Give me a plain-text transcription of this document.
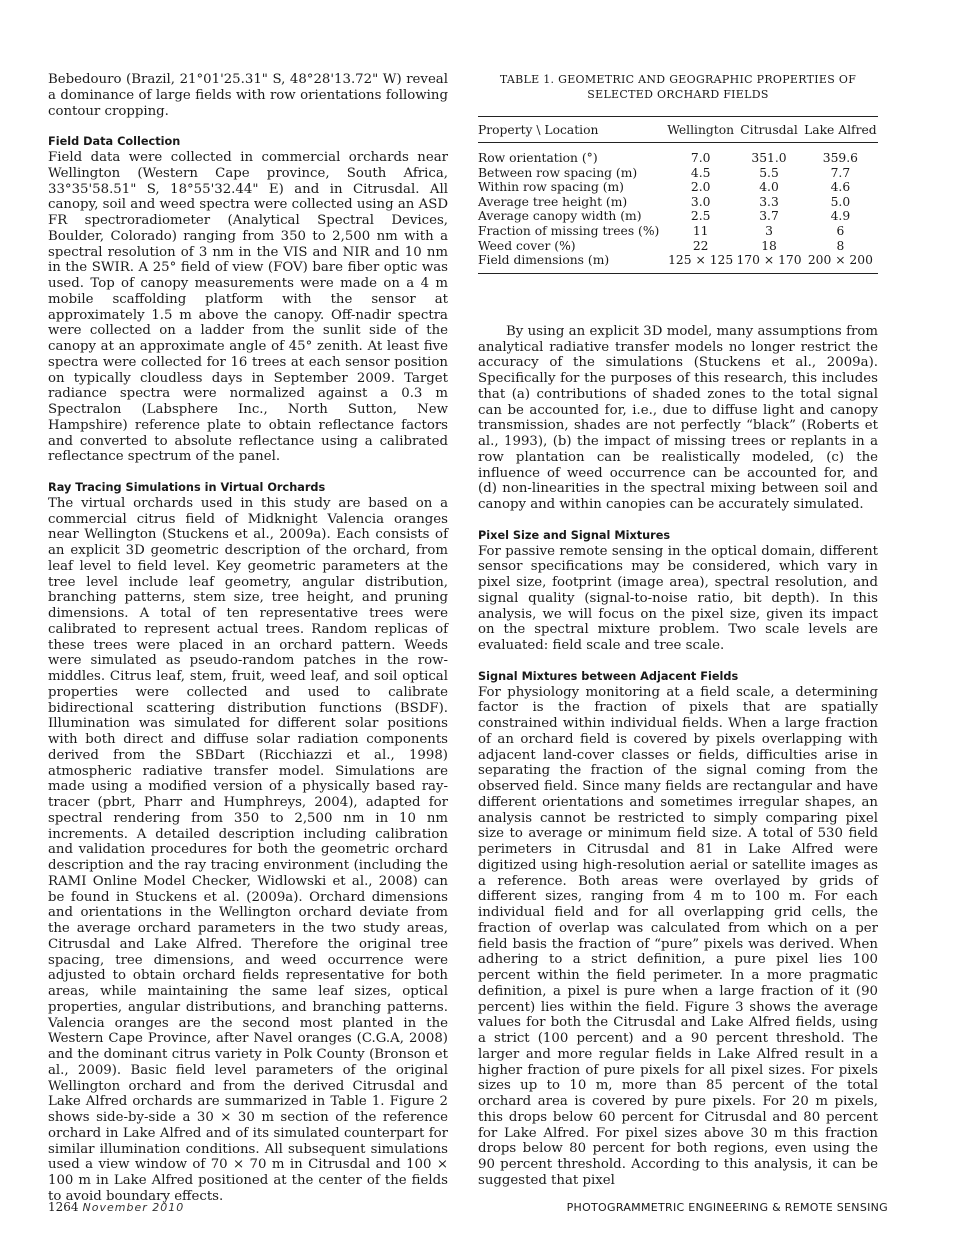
Bebedouro (Brazil, 21°01'25.31" S, 48°28'13.72" W) reveal a dominance of large fields with row orientations following contour cropping.

Field Data Collection

Field data were collected in commercial orchards near Wellington (Western Cape province, South Africa, 33°35'58.51" S, 18°55'32.44" E) and in Citrusdal. All canopy, soil and weed spectra were collected using an ASD FR spectroradiometer (Analytical Spectral Devices, Boulder, Colorado) ranging from 350 to 2,500 nm with a spectral resolution of 3 nm in the VIS and NIR and 10 nm in the SWIR. A 25° field of view (FOV) bare fiber optic was used. Top of canopy measurements were made on a 4 m mobile scaffolding platform with the sensor at approximately 1.5 m above the canopy. Off-nadir spectra were collected on a ladder from the sunlit side of the canopy at an approximate angle of 45° zenith. At least five spectra were collected for 16 trees at each sensor position on typically cloudless days in September 2009. Target radiance spectra were normalized against a 0.3 m Spectralon (Labsphere Inc., North Sutton, New Hampshire) reference plate to obtain reflectance factors and converted to absolute reflectance using a calibrated reflectance spectrum of the panel.

Ray Tracing Simulations in Virtual Orchards

The virtual orchards used in this study are based on a commercial citrus field of Midknight Valencia oranges near Wellington (Stuckens et al., 2009a). Each consists of an explicit 3D geometric description of the orchard, from leaf level to field level. Key geometric parameters at the tree level include leaf geometry, angular distribution, branching patterns, stem size, tree height, and pruning dimensions. A total of ten representative trees were calibrated to represent actual trees. Random replicas of these trees were placed in an orchard pattern. Weeds were simulated as pseudo-random patches in the row-middles. Citrus leaf, stem, fruit, weed leaf, and soil optical properties were collected and used to calibrate bidirectional scattering distribution functions (BSDF). Illumination was simulated for different solar positions with both direct and diffuse solar radiation components derived from the SBDart (Ricchiazzi et al., 1998) atmospheric radiative transfer model. Simulations are made using a modified version of a physically based ray-tracer (pbrt, Pharr and Humphreys, 2004), adapted for spectral rendering from 350 to 2,500 nm in 10 nm increments. A detailed description including calibration and validation procedures for both the geometric orchard description and the ray tracing environment (including the RAMI Online Model Checker, Widlowski et al., 2008) can be found in Stuckens et al. (2009a). Orchard dimensions and orientations in the Wellington orchard deviate from the average orchard parameters in the two study areas, Citrusdal and Lake Alfred. Therefore the original tree spacing, tree dimensions, and weed occurrence were adjusted to obtain orchard fields representative for both areas, while maintaining the same leaf sizes, optical properties, angular distributions, and branching patterns. Valencia oranges are the second most planted in the Western Cape Province, after Navel oranges (C.G.A, 2008) and the dominant citrus variety in Polk County (Bronson et al., 2009). Basic field level parameters of the original Wellington orchard and from the derived Citrusdal and Lake Alfred orchards are summarized in Table 1. Figure 2 shows side-by-side a 30 × 30 m section of the reference orchard in Lake Alfred and of its simulated counterpart for similar illumination conditions. All subsequent simulations used a view window of 70 × 70 m in Citrusdal and 100 × 100 m in Lake Alfred positioned at the center of the fields to avoid boundary effects.

TABLE 1. GEOMETRIC AND GEOGRAPHIC PROPERTIES OF
SELECTED ORCHARD FIELDS
Property \ Location	Wellington	Citrusdal	Lake Alfred
Row orientation (°)	7.0	351.0	359.6
Between row spacing (m)	4.5	5.5	7.7
Within row spacing (m)	2.0	4.0	4.6
Average tree height (m)	3.0	3.3	5.0
Average canopy width (m)	2.5	3.7	4.9
Fraction of missing trees (%)	11	3	6
Weed cover (%)	22	18	8
Field dimensions (m)	125 × 125	170 × 170	200 × 200

By using an explicit 3D model, many assumptions from analytical radiative transfer models no longer restrict the accuracy of the simulations (Stuckens et al., 2009a). Specifically for the purposes of this research, this includes that (a) contributions of shaded zones to the total signal can be accounted for, i.e., due to diffuse light and canopy transmission, shades are not perfectly “black” (Roberts et al., 1993), (b) the impact of missing trees or replants in a row plantation can be realistically modeled, (c) the influence of weed occurrence can be accounted for, and (d) non-linearities in the spectral mixing between soil and canopy and within canopies can be accurately simulated.

Pixel Size and Signal Mixtures

For passive remote sensing in the optical domain, different sensor specifications may be considered, which vary in pixel size, footprint (image area), spectral resolution, and signal quality (signal-to-noise ratio, bit depth). In this analysis, we will focus on the pixel size, given its impact on the spectral mixture problem. Two scale levels are evaluated: field scale and tree scale.

Signal Mixtures between Adjacent Fields

For physiology monitoring at a field scale, a determining factor is the fraction of pixels that are spatially constrained within individual fields. When a large fraction of an orchard field is covered by pixels overlapping with adjacent land-cover classes or fields, difficulties arise in separating the fraction of the signal coming from the observed field. Since many fields are rectangular and have different orientations and sometimes irregular shapes, an analysis cannot be restricted to simply comparing pixel size to average or minimum field size. A total of 530 field perimeters in Citrusdal and 81 in Lake Alfred were digitized using high-resolution aerial or satellite images as a reference. Both areas were overlayed by grids of different sizes, ranging from 4 m to 100 m. For each individual field and for all overlapping grid cells, the fraction of overlap was calculated from which on a per field basis the fraction of “pure” pixels was derived. When adhering to a strict definition, a pure pixel lies 100 percent within the field perimeter. In a more pragmatic definition, a pixel is pure when a large fraction of it (90 percent) lies within the field. Figure 3 shows the average values for both the Citrusdal and Lake Alfred fields, using a strict (100 percent) and a 90 percent threshold. The larger and more regular fields in Lake Alfred result in a higher fraction of pure pixels for all pixel sizes. For pixels sizes up to 10 m, more than 85 percent of the total orchard area is covered by pure pixels. For 20 m pixels, this drops below 60 percent for Citrusdal and 80 percent for Lake Alfred. For pixel sizes above 30 m this fraction drops below 80 percent for both regions, even using the 90 percent threshold. According to this analysis, it can be suggested that pixel

1264 November 2010	PHOTOGRAMMETRIC ENGINEERING & REMOTE SENSING
